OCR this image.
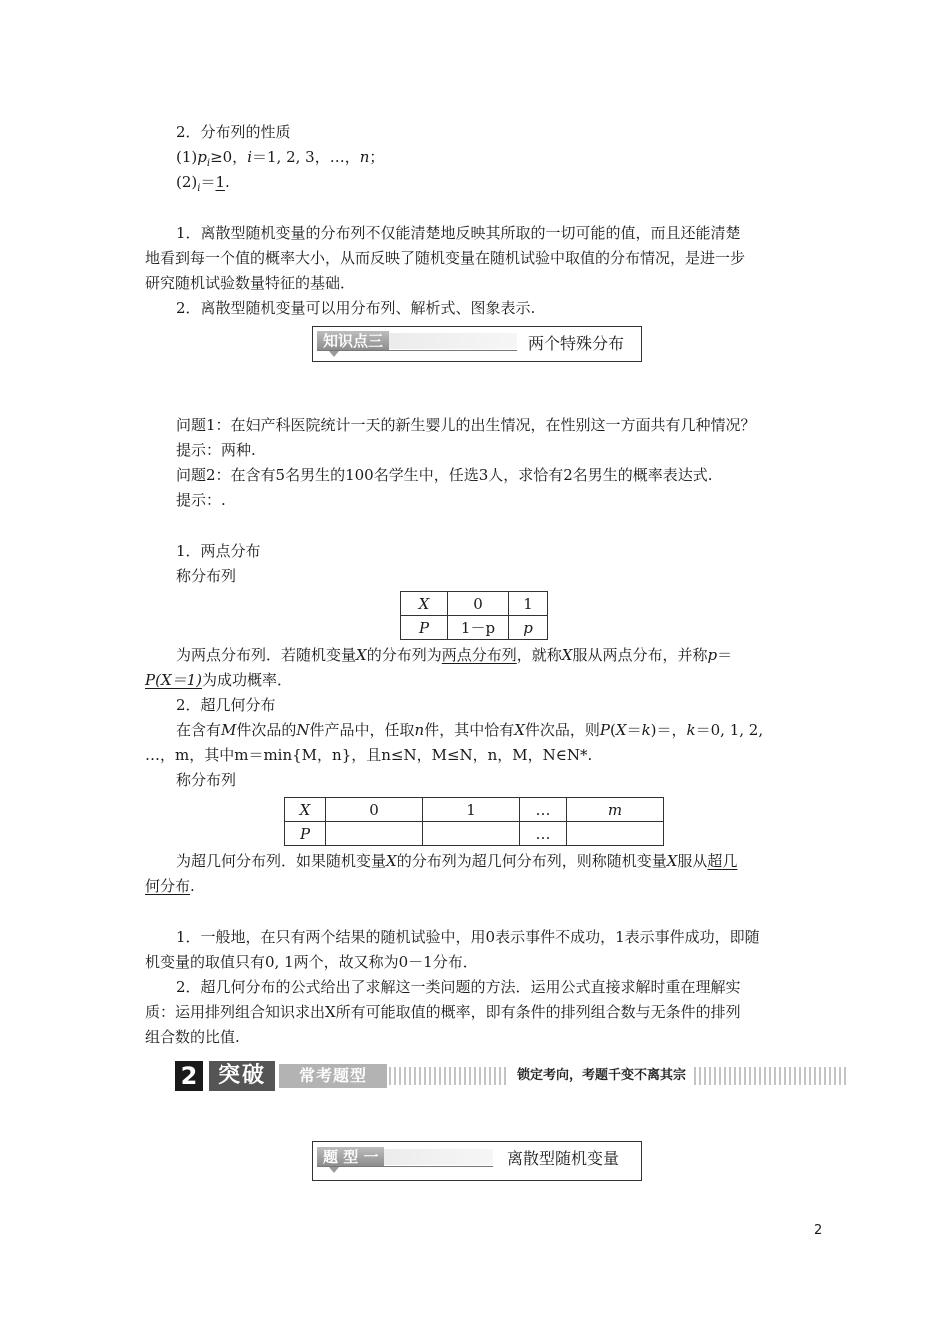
2．分布列的性质
$(1)p_i\ge 0$，i＝1, 2, 3，…，n；
$(2)_i=1$.
1．离散型随机变量的分布列不仅能清楚地反映其所取的一切可能的值，而且还能清楚
地看到每一个值的概率大小，从而反映了随机变量在随机试验中取值的分布情况，是进一步
研究随机试验数量特征的基础．
2．离散型随机变量可以用分布列、解析式、图象表示.
知识点三	两个特殊分布
问题1：在妇产科医院统计一天的新生婴儿的出生情况，在性别这一方面共有几种情况？
提示：两种.
问题2：在含有5名男生的100名学生中，任选3人，求恰有2名男生的概率表达式.
提示：.
1．两点分布
称分布列
X	0	1
P	1－p	p
为两点分布列．若随机变量X的分布列为两点分布列，就称X服从两点分布，并称p＝
P(X＝1)为成功概率．
2．超几何分布
在含有M件次品的N件产品中，任取n件，其中恰有X件次品，则P(X＝k)＝，k＝0, 1, 2,
…，m，其中m＝min{M，n}，且n≤N，M≤N，n，M，N∈N*.
称分布列
X	0	1	…	m
P			…	
为超几何分布列．如果随机变量X的分布列为超几何分布列，则称随机变量X服从超几
何分布.
1．一般地，在只有两个结果的随机试验中，用0表示事件不成功，1表示事件成功，即随
机变量的取值只有0, 1两个，故又称为0－1分布．
2．超几何分布的公式给出了求解这一类问题的方法．运用公式直接求解时重在理解实
质：运用排列组合知识求出X所有可能取值的概率，即有条件的排列组合数与无条件的排列
组合数的比值.
2 突破	常考题型	锁定考向，考题千变不离其宗
题 型 一	离散型随机变量
2
